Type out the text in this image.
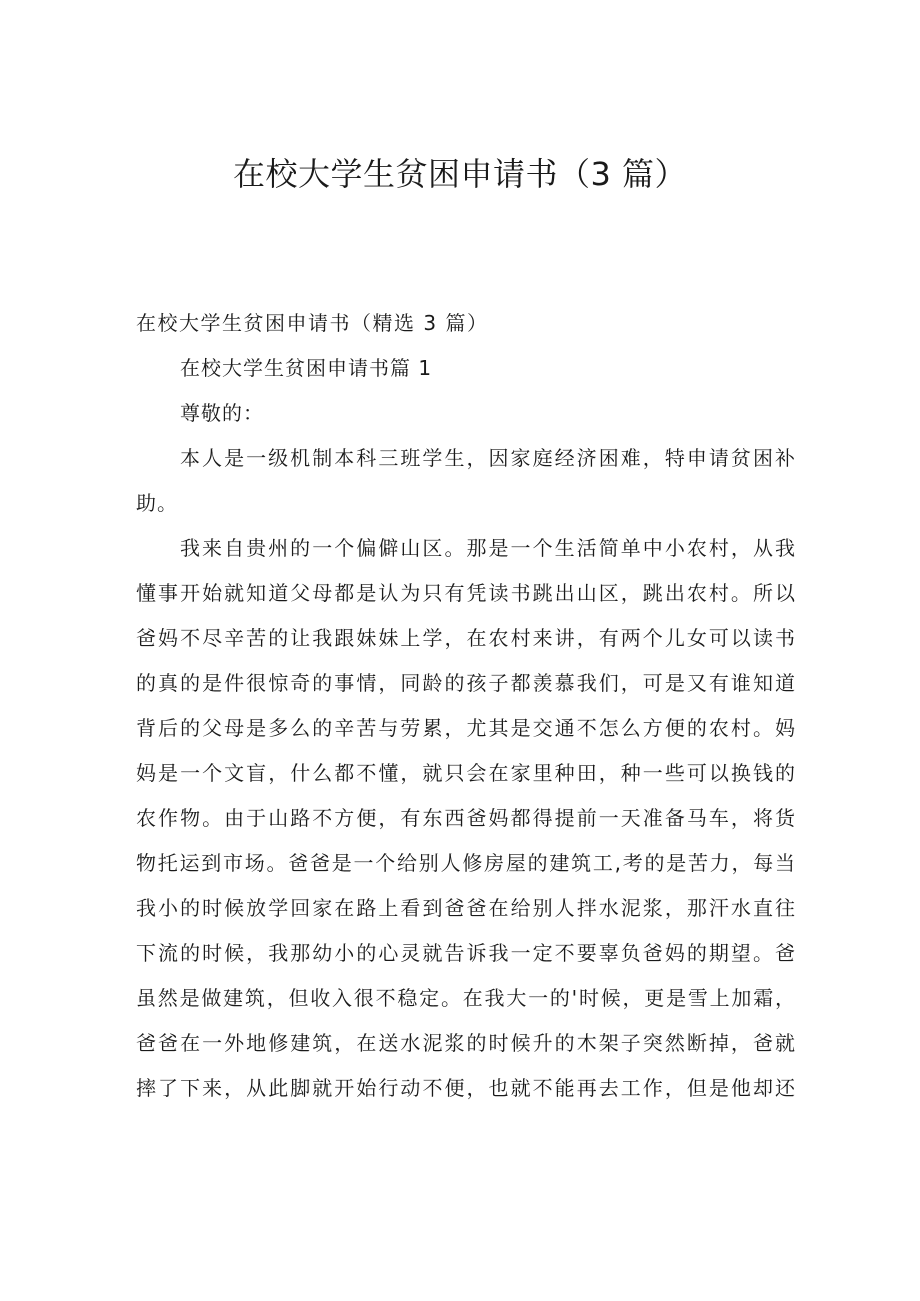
在校大学生贫困申请书（3 篇）
在校大学生贫困申请书（精选 3 篇）
在校大学生贫困申请书篇 1
尊敬的：
本人是一级机制本科三班学生，因家庭经济困难，特申请贫困补
助。
我来自贵州的一个偏僻山区。那是一个生活简单中小农村，从我
懂事开始就知道父母都是认为只有凭读书跳出山区，跳出农村。所以
爸妈不尽辛苦的让我跟妹妹上学，在农村来讲，有两个儿女可以读书
的真的是件很惊奇的事情，同龄的孩子都羡慕我们，可是又有谁知道
背后的父母是多么的辛苦与劳累，尤其是交通不怎么方便的农村。妈
妈是一个文盲，什么都不懂，就只会在家里种田，种一些可以换钱的
农作物。由于山路不方便，有东西爸妈都得提前一天准备马车，将货
物托运到市场。爸爸是一个给别人修房屋的建筑工,考的是苦力，每当
我小的时候放学回家在路上看到爸爸在给别人拌水泥浆，那汗水直往
下流的时候，我那幼小的心灵就告诉我一定不要辜负爸妈的期望。爸
虽然是做建筑，但收入很不稳定。在我大一的'时候，更是雪上加霜，
爸爸在一外地修建筑，在送水泥浆的时候升的木架子突然断掉，爸就
摔了下来，从此脚就开始行动不便，也就不能再去工作，但是他却还
